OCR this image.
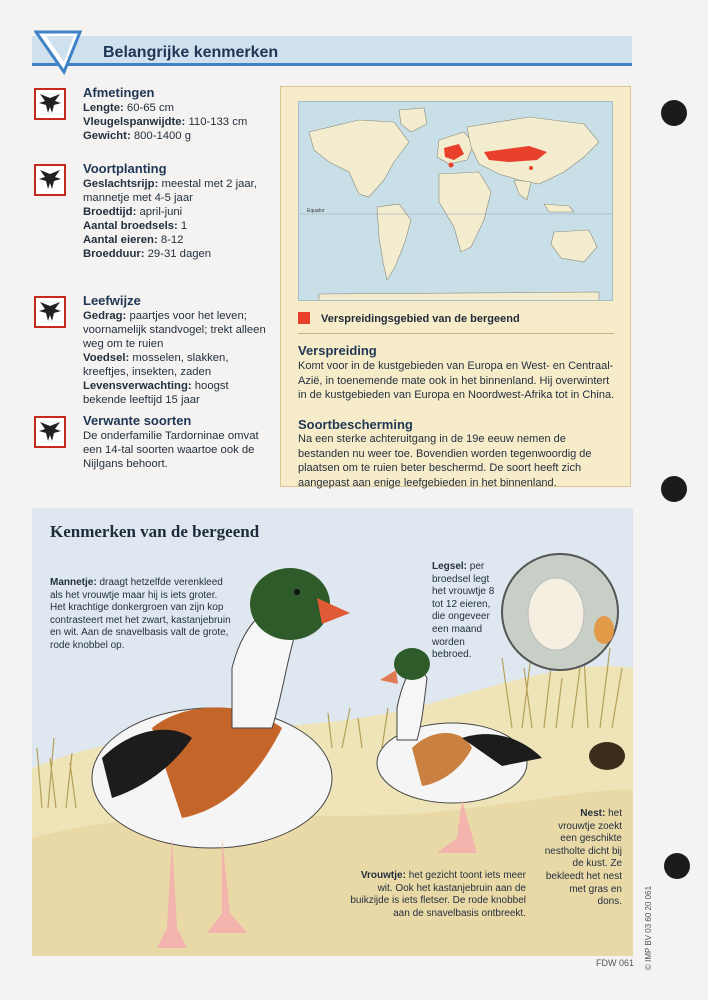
Belangrijke kenmerken
Afmetingen
Lengte: 60-65 cm
Vleugelspanwijdte: 110-133 cm
Gewicht: 800-1400 g
Voortplanting
Geslachtsrijp: meestal met 2 jaar, mannetje met 4-5 jaar
Broedtijd: april-juni
Aantal broedsels: 1
Aantal eieren: 8-12
Broedduur: 29-31 dagen
Leefwijze
Gedrag: paartjes voor het leven; voornamelijk standvogel; trekt alleen weg om te ruien
Voedsel: mosselen, slakken, kreeftjes, insekten, zaden
Levensverwachting: hoogst bekende leeftijd 15 jaar
Verwante soorten
De onderfamilie Tardorninae omvat een 14-tal soorten waartoe ook de Nijlgans behoort.
Equator
Verspreidingsgebied van de bergeend
Verspreiding
Komt voor in de kustgebieden van Europa en West- en Centraal-Azië, in toenemende mate ook in het binnenland. Hij overwintert in de kustgebieden van Europa en Noordwest-Afrika tot in China.
Soortbescherming
Na een sterke achteruitgang in de 19e eeuw nemen de bestanden nu weer toe. Bovendien worden tegenwoordig de plaatsen om te ruien beter beschermd. De soort heeft zich aangepast aan enige leefgebieden in het binnenland.
Kenmerken van de bergeend
Mannetje: draagt hetzelfde verenkleed als het vrouwtje maar hij is iets groter. Het krachtige donkergroen van zijn kop contrasteert met het zwart, kastanjebruin en wit. Aan de snavelbasis valt de grote, rode knobbel op.
Legsel: per broedsel legt het vrouwtje 8 tot 12 eieren, die ongeveer een maand worden bebroed.
Nest: het vrouwtje zoekt een geschikte nestholte dicht bij de kust. Ze bekleedt het nest met gras en dons.
Vrouwtje: het gezicht toont iets meer wit. Ook het kastanjebruin aan de buikzijde is iets fletser. De rode knobbel aan de snavelbasis ontbreekt.
FDW 061 © IMP BV 03 60 20 061
